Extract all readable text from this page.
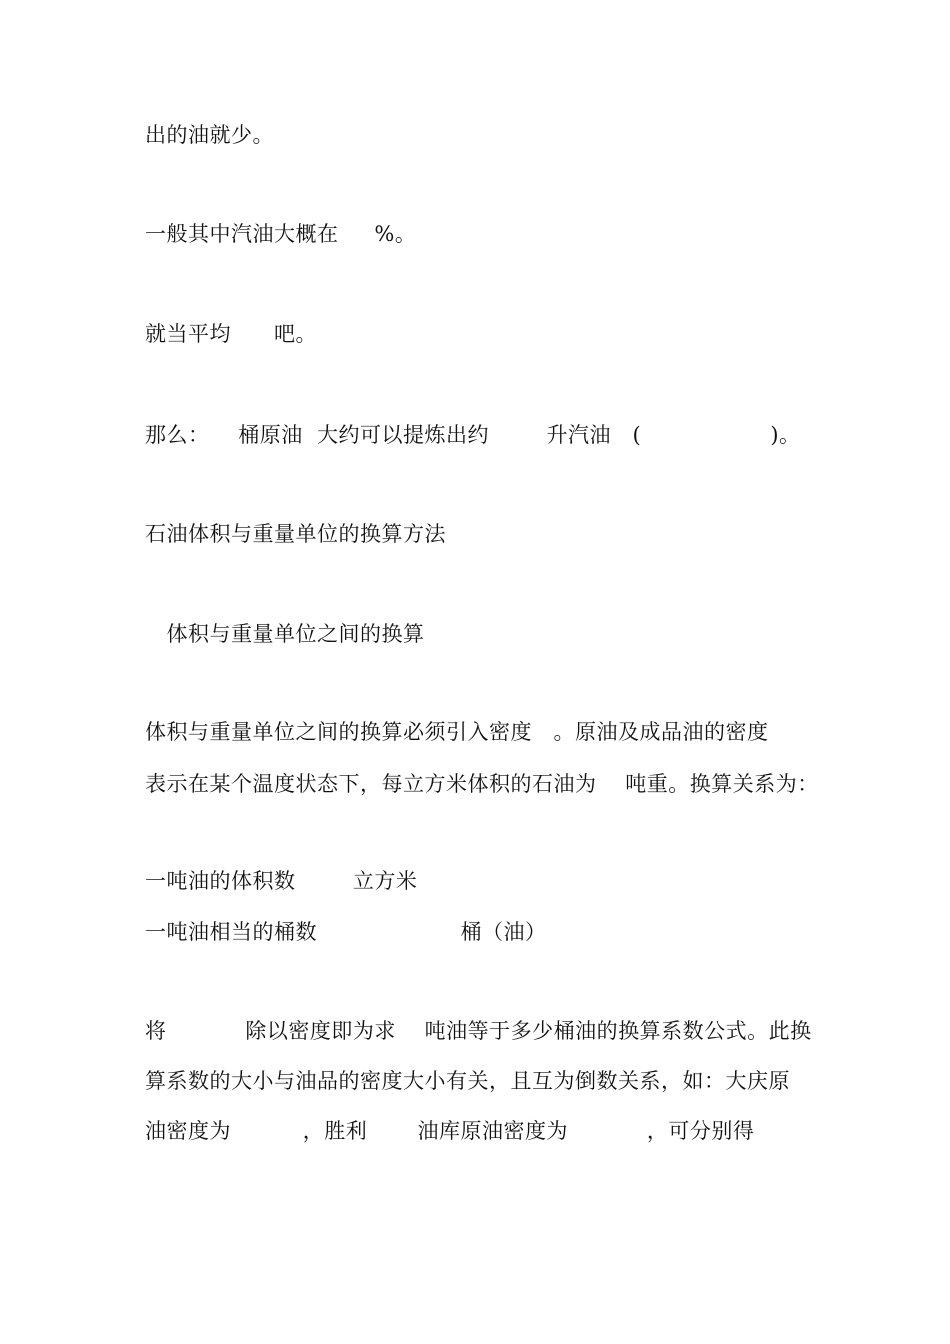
出的油就少。
一般其中汽油大概在     %。
就当平均      吧。
那么：    桶原油  大约可以提炼出约        升汽油   (                  )。
石油体积与重量单位的换算方法
体积与重量单位之间的换算
体积与重量单位之间的换算必须引入密度   。原油及成品油的密度
表示在某个温度状态下，每立方米体积的石油为    吨重。换算关系为：
一吨油的体积数        立方米
一吨油相当的桶数                    桶（油）
将           除以密度即为求    吨油等于多少桶油的换算系数公式。此换
算系数的大小与油品的密度大小有关，且互为倒数关系，如：大庆原
油密度为          ，胜利       油库原油密度为           ，可分别得
